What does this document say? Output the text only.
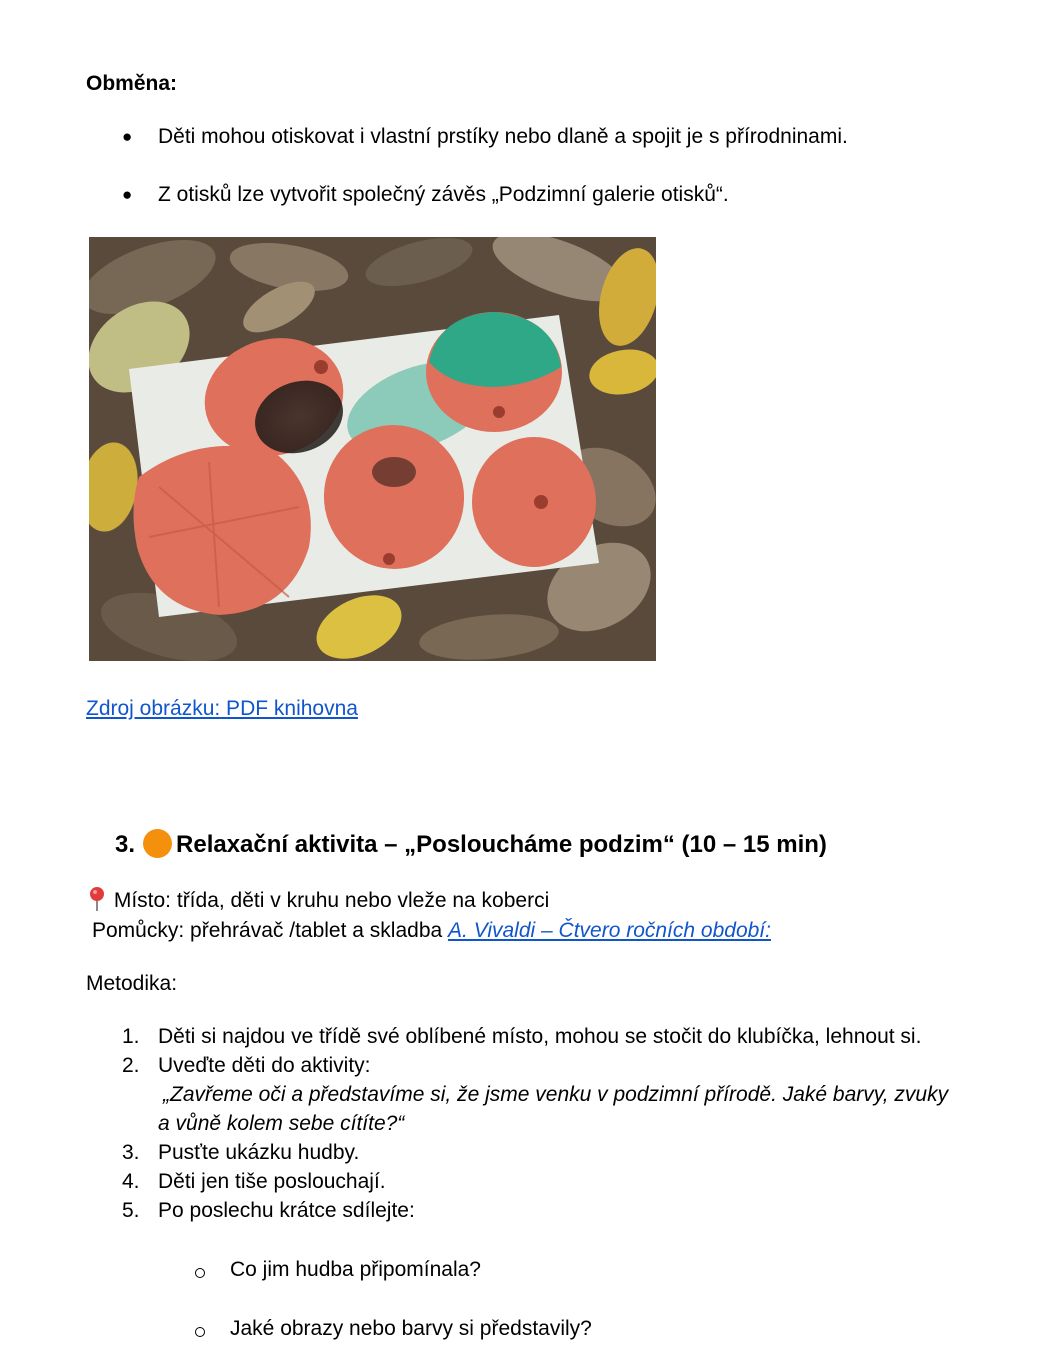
Obměna:
● Děti mohou otiskovat i vlastní prstíky nebo dlaně a spojit je s přírodninami.
● Z otisků lze vytvořit společný závěs „Podzimní galerie otisků“.
Zdroj obrázku: PDF knihovna
3. Relaxační aktivita – „Posloucháme podzim“ (10 – 15 min)
Místo: třída, děti v kruhu nebo vleže na koberci
Pomůcky: přehrávač /tablet a skladba A. Vivaldi – Čtvero ročních období:
Metodika:
1. Děti si najdou ve třídě své oblíbené místo, mohou se stočit do klubíčka, lehnout si.
2. Uveďte děti do aktivity:
„Zavřeme oči a představíme si, že jsme venku v podzimní přírodě. Jaké barvy, zvuky
a vůně kolem sebe cítíte?“
3. Pusťte ukázku hudby.
4. Děti jen tiše poslouchají.
5. Po poslechu krátce sdílejte:
Co jim hudba připomínala?
Jaké obrazy nebo barvy si představily?
